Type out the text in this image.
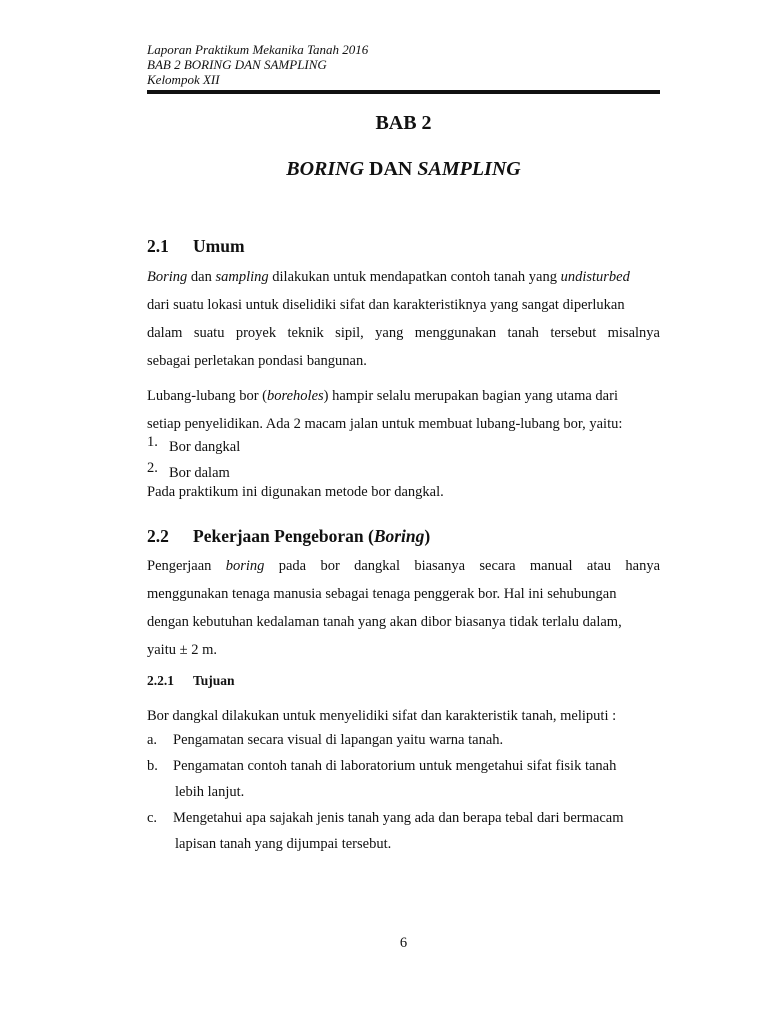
Laporan Praktikum Mekanika Tanah 2016
BAB 2 BORING DAN SAMPLING
Kelompok XII
BAB 2
BORING DAN SAMPLING
2.1 Umum
Boring dan sampling dilakukan untuk mendapatkan contoh tanah yang undisturbed
dari suatu lokasi untuk diselidiki sifat dan karakteristiknya yang sangat diperlukan
dalam suatu proyek teknik sipil, yang menggunakan tanah tersebut misalnya
sebagai perletakan pondasi bangunan.
Lubang-lubang bor (boreholes) hampir selalu merupakan bagian yang utama dari
setiap penyelidikan. Ada 2 macam jalan untuk membuat lubang-lubang bor, yaitu:
1. Bor dangkal
2. Bor dalam
Pada praktikum ini digunakan metode bor dangkal.
2.2 Pekerjaan Pengeboran (Boring)
Pengerjaan boring pada bor dangkal biasanya secara manual atau hanya
menggunakan tenaga manusia sebagai tenaga penggerak bor. Hal ini sehubungan
dengan kebutuhan kedalaman tanah yang akan dibor biasanya tidak terlalu dalam,
yaitu ± 2 m.
2.2.1 Tujuan
Bor dangkal dilakukan untuk menyelidiki sifat dan karakteristik tanah, meliputi :
a.	Pengamatan secara visual di lapangan yaitu warna tanah.
b.	Pengamatan contoh tanah di laboratorium untuk mengetahui sifat fisik tanah
lebih lanjut.
c.	Mengetahui apa sajakah jenis tanah yang ada dan berapa tebal dari bermacam
lapisan tanah yang dijumpai tersebut.
6
